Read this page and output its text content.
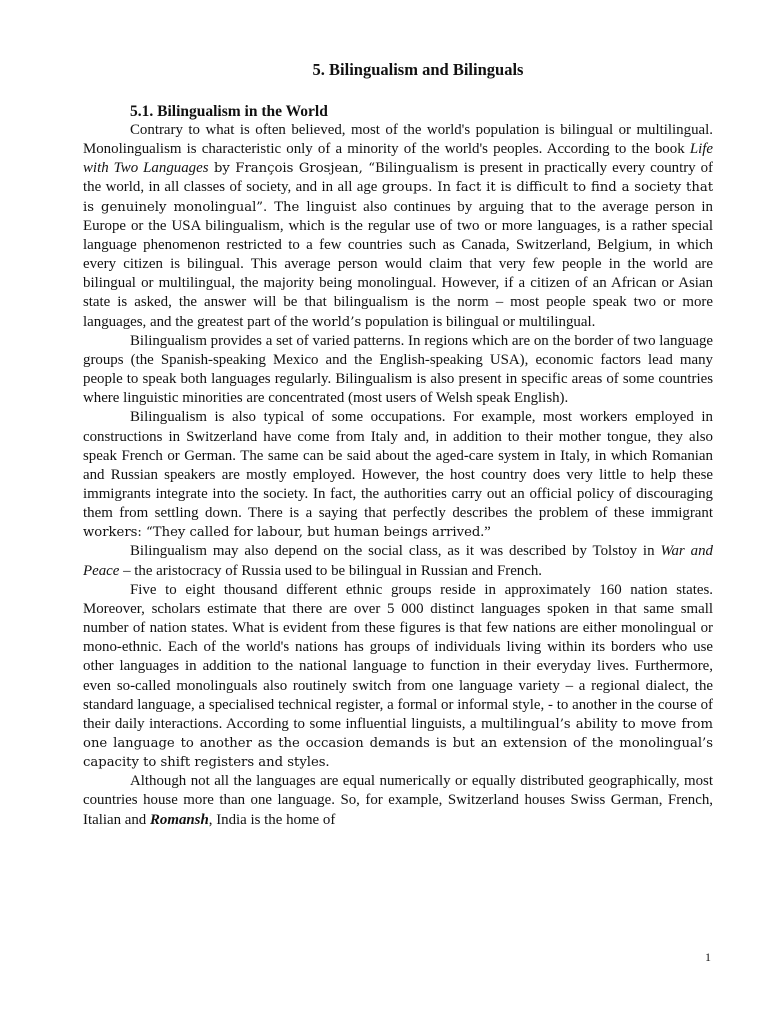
5. Bilingualism and Bilinguals
5.1. Bilingualism in the World

Contrary to what is often believed, most of the world's population is bilingual or multilingual. Monolingualism is characteristic only of a minority of the world's peoples. According to the book Life with Two Languages by François Grosjean, “Bilingualism is present in practically every country of the world, in all classes of society, and in all age groups. In fact it is difficult to find a society that is genuinely monolingual”. The linguist also continues by arguing that to the average person in Europe or the USA bilingualism, which is the regular use of two or more languages, is a rather special language phenomenon restricted to a few countries such as Canada, Switzerland, Belgium, in which every citizen is bilingual. This average person would claim that very few people in the world are bilingual or multilingual, the majority being monolingual. However, if a citizen of an African or Asian state is asked, the answer will be that bilingualism is the norm – most people speak two or more languages, and the greatest part of the world’s population is bilingual or multilingual.

Bilingualism provides a set of varied patterns. In regions which are on the border of two language groups (the Spanish-speaking Mexico and the English-speaking USA), economic factors lead many people to speak both languages regularly. Bilingualism is also present in specific areas of some countries where linguistic minorities are concentrated (most users of Welsh speak English).

Bilingualism is also typical of some occupations. For example, most workers employed in constructions in Switzerland have come from Italy and, in addition to their mother tongue, they also speak French or German. The same can be said about the aged-care system in Italy, in which Romanian and Russian speakers are mostly employed. However, the host country does very little to help these immigrants integrate into the society. In fact, the authorities carry out an official policy of discouraging them from settling down. There is a saying that perfectly describes the problem of these immigrant workers: “They called for labour, but human beings arrived.”

Bilingualism may also depend on the social class, as it was described by Tolstoy in War and Peace – the aristocracy of Russia used to be bilingual in Russian and French.

Five to eight thousand different ethnic groups reside in approximately 160 nation states. Moreover, scholars estimate that there are over 5 000 distinct languages spoken in that same small number of nation states. What is evident from these figures is that few nations are either monolingual or mono-ethnic. Each of the world's nations has groups of individuals living within its borders who use other languages in addition to the national language to function in their everyday lives. Furthermore, even so-called monolinguals also routinely switch from one language variety – a regional dialect, the standard language, a specialised technical register, a formal or informal style, - to another in the course of their daily interactions. According to some influential linguists, a multilingual’s ability to move from one language to another as the occasion demands is but an extension of the monolingual’s capacity to shift registers and styles.

Although not all the languages are equal numerically or equally distributed geographically, most countries house more than one language. So, for example, Switzerland houses Swiss German, French, Italian and Romansh, India is the home of

1
